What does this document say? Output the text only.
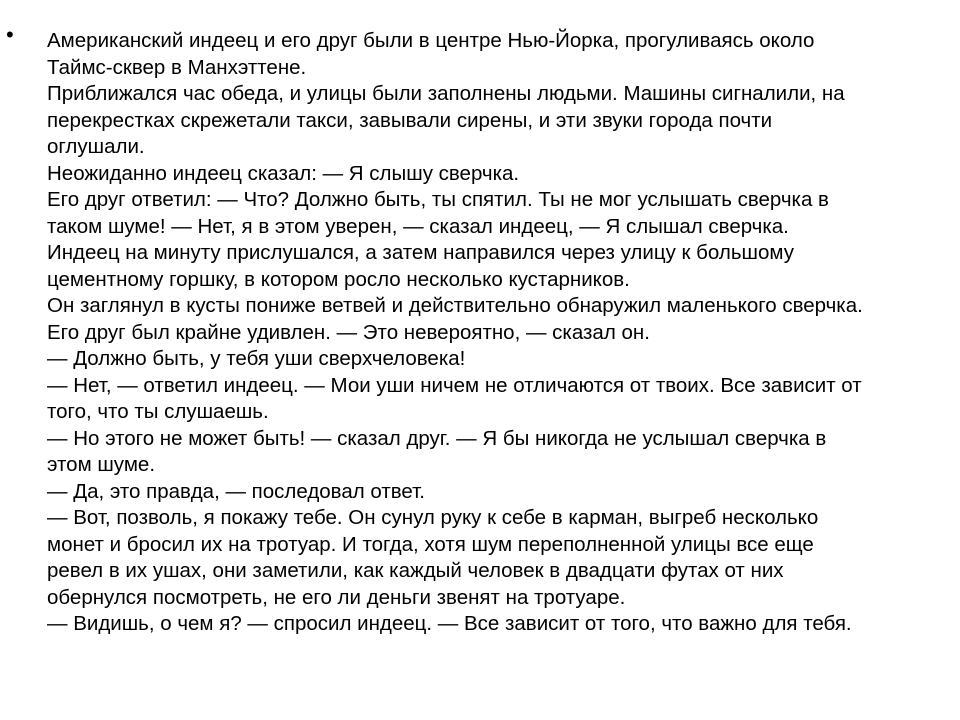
• Американский индеец и его друг были в центре Нью-Йорка, прогуливаясь около
Таймс-сквер в Манхэттене.
Приближался час обеда, и улицы были заполнены людьми. Машины сигналили, на
перекрестках скрежетали такси, завывали сирены, и эти звуки города почти
оглушали.
Неожиданно индеец сказал: — Я слышу сверчка.
Его друг ответил: — Что? Должно быть, ты спятил. Ты не мог услышать сверчка в
таком шуме! — Нет, я в этом уверен, — сказал индеец, — Я слышал сверчка.
Индеец на минуту прислушался, а затем направился через улицу к большому
цементному горшку, в котором росло несколько кустарников.
Он заглянул в кусты пониже ветвей и действительно обнаружил маленького сверчка.
Его друг был крайне удивлен. — Это невероятно, — сказал он.
— Должно быть, у тебя уши сверхчеловека!
— Нет, — ответил индеец. — Мои уши ничем не отличаются от твоих. Все зависит от
того, что ты слушаешь.
— Но этого не может быть! — сказал друг. — Я бы никогда не услышал сверчка в
этом шуме.
— Да, это правда, — последовал ответ.
— Вот, позволь, я покажу тебе. Он сунул руку к себе в карман, выгреб несколько
монет и бросил их на тротуар. И тогда, хотя шум переполненной улицы все еще
ревел в их ушах, они заметили, как каждый человек в двадцати футах от них
обернулся посмотреть, не его ли деньги звенят на тротуаре.
— Видишь, о чем я? — спросил индеец. — Все зависит от того, что важно для тебя.
